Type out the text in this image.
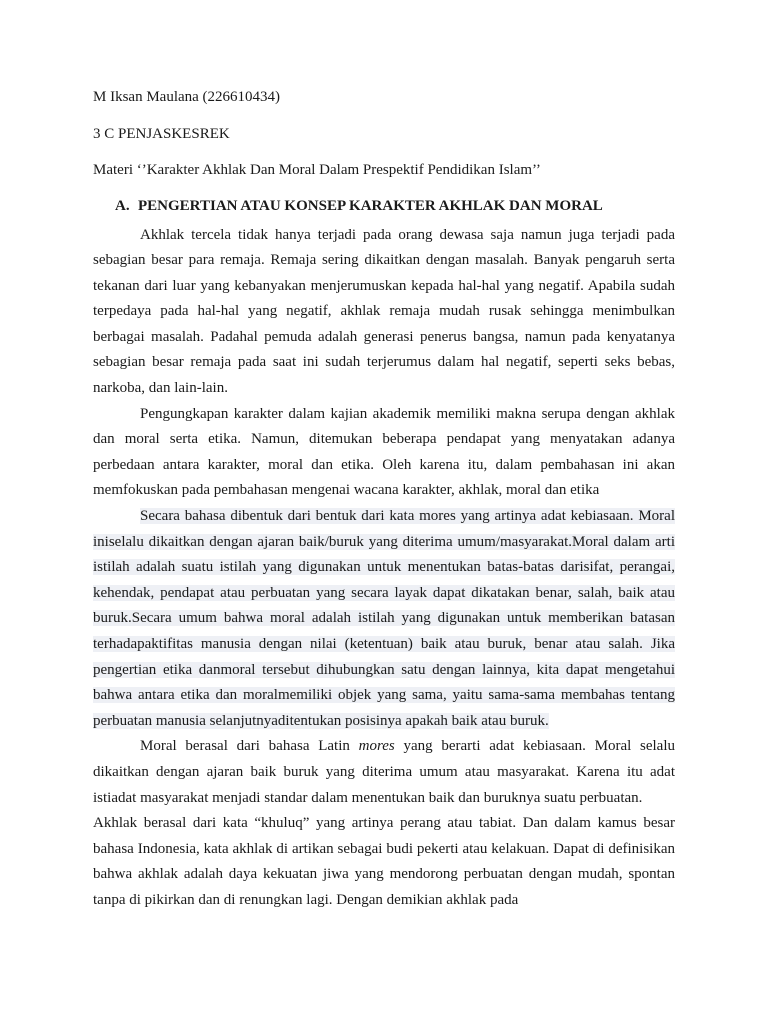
M Iksan Maulana (226610434)

3 C PENJASKESREK

Materi ‘’Karakter Akhlak Dan Moral Dalam Prespektif Pendidikan Islam’’

A. PENGERTIAN ATAU KONSEP KARAKTER AKHLAK DAN MORAL

Akhlak tercela tidak hanya terjadi pada orang dewasa saja namun juga terjadi pada sebagian besar para remaja. Remaja sering dikaitkan dengan masalah. Banyak pengaruh serta tekanan dari luar yang kebanyakan menjerumuskan kepada hal-hal yang negatif. Apabila sudah terpedaya pada hal-hal yang negatif, akhlak remaja mudah rusak sehingga menimbulkan berbagai masalah. Padahal pemuda adalah generasi penerus bangsa, namun pada kenyatanya sebagian besar remaja pada saat ini sudah terjerumus dalam hal negatif, seperti seks bebas, narkoba, dan lain-lain.

Pengungkapan karakter dalam kajian akademik memiliki makna serupa dengan akhlak dan moral serta etika. Namun, ditemukan beberapa pendapat yang menyatakan adanya perbedaan antara karakter, moral dan etika. Oleh karena itu, dalam pembahasan ini akan memfokuskan pada pembahasan mengenai wacana karakter, akhlak, moral dan etika

Secara bahasa dibentuk dari bentuk dari kata mores yang artinya adat kebiasaan. Moral iniselalu dikaitkan dengan ajaran baik/buruk yang diterima umum/masyarakat.Moral dalam arti istilah adalah suatu istilah yang digunakan untuk menentukan batas-batas darisifat, perangai, kehendak, pendapat atau perbuatan yang secara layak dapat dikatakan benar, salah, baik atau buruk.Secara umum bahwa moral adalah istilah yang digunakan untuk memberikan batasan terhadapaktifitas manusia dengan nilai (ketentuan) baik atau buruk, benar atau salah. Jika pengertian etika danmoral tersebut dihubungkan satu dengan lainnya, kita dapat mengetahui bahwa antara etika dan moralmemiliki objek yang sama, yaitu sama-sama membahas tentang perbuatan manusia selanjutnyaditentukan posisinya apakah baik atau buruk.

Moral berasal dari bahasa Latin mores yang berarti adat kebiasaan. Moral selalu dikaitkan dengan ajaran baik buruk yang diterima umum atau masyarakat. Karena itu adat istiadat masyarakat menjadi standar dalam menentukan baik dan buruknya suatu perbuatan.

Akhlak berasal dari kata “khuluq” yang artinya perang atau tabiat. Dan dalam kamus besar bahasa Indonesia, kata akhlak di artikan sebagai budi pekerti atau kelakuan. Dapat di definisikan bahwa akhlak adalah daya kekuatan jiwa yang mendorong perbuatan dengan mudah, spontan tanpa di pikirkan dan di renungkan lagi. Dengan demikian akhlak pada
